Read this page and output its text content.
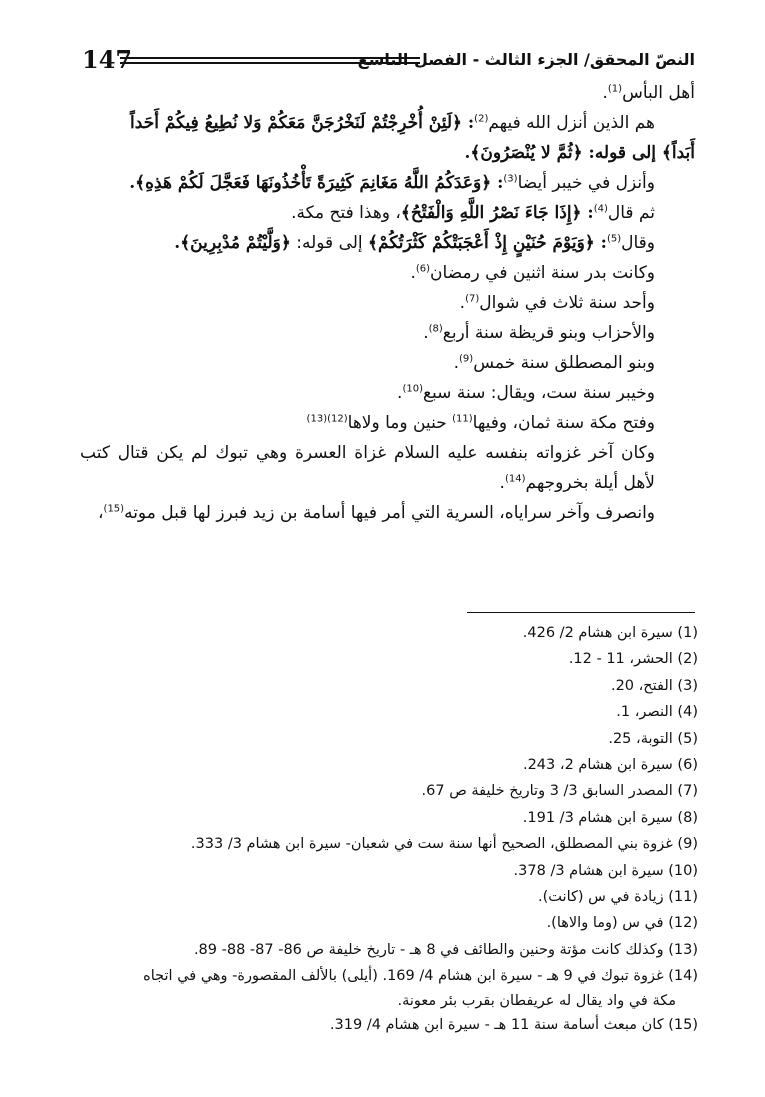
147	النصّ المحقق/ الجزء الثالث - الفصل التاسع

أهل البأس$^{(1)}$.

هم الذين أنزل الله فيهم$^{(2)}$: ﴿لَئِنْ أُخْرِجْتُمْ لَنَخْرُجَنَّ مَعَكُمْ وَلا نُطِيعُ فِيكُمْ أَحَداً

أَبَداً﴾ إلى قوله: ﴿ثُمَّ لا يُنْصَرُونَ﴾.

وأنزل في خيبر أيضا$^{(3)}$: ﴿وَعَدَكُمُ اللَّهُ مَغَانِمَ كَثِيرَةً تَأْخُذُونَهَا فَعَجَّلَ لَكُمْ هَذِهِ﴾.

ثم قال$^{(4)}$: ﴿إِذَا جَاءَ نَصْرُ اللَّهِ وَالْفَتْحُ﴾، وهذا فتح مكة.

وقال$^{(5)}$: ﴿وَيَوْمَ حُنَيْنٍ إِذْ أَعْجَبَتْكُمْ كَثْرَتُكُمْ﴾ إلى قوله: ﴿وَلَّيْتُمْ مُدْبِرِينَ﴾.

وكانت بدر سنة اثنين في رمضان$^{(6)}$.

وأحد سنة ثلاث في شوال$^{(7)}$.

والأحزاب وبنو قريظة سنة أربع$^{(8)}$.

وبنو المصطلق سنة خمس$^{(9)}$.

وخيبر سنة ست، ويقال: سنة سبع$^{(10)}$.

وفتح مكة سنة ثمان، وفيها$^{(11)}$ حنين وما ولاها$^{(12)(13)}$

وكان آخر غزواته بنفسه عليه السلام غزاة العسرة وهي تبوك لم يكن قتال كتب لأهل أيلة بخروجهم$^{(14)}$.

وانصرف وآخر سراياه، السرية التي أمر فيها أسامة بن زيد فبرز لها قبل موته$^{(15)}$،

(1) سيرة ابن هشام 2/ 426.

(2) الحشر، 11 - 12.

(3) الفتح، 20.

(4) النصر، 1.

(5) التوبة، 25.

(6) سيرة ابن هشام 2، 243.

(7) المصدر السابق 3/ 3 وتاريخ خليفة ص 67.

(8) سيرة ابن هشام 3/ 191.

(9) غزوة بني المصطلق، الصحيح أنها سنة ست في شعبان- سيرة ابن هشام 3/ 333.

(10) سيرة ابن هشام 3/ 378.

(11) زيادة في س (كانت).

(12) في س (وما والاها).

(13) وكذلك كانت مؤتة وحنين والطائف في 8 هـ - تاريخ خليفة ص 86- 87- 88- 89.

(14) غزوة تبوك في 9 هـ - سيرة ابن هشام 4/ 169. (أيلى) بالألف المقصورة- وهي في اتجاه

مكة في واد يقال له عريفطان بقرب بئر معونة.

(15) كان مبعث أسامة سنة 11 هـ - سيرة ابن هشام 4/ 319.
